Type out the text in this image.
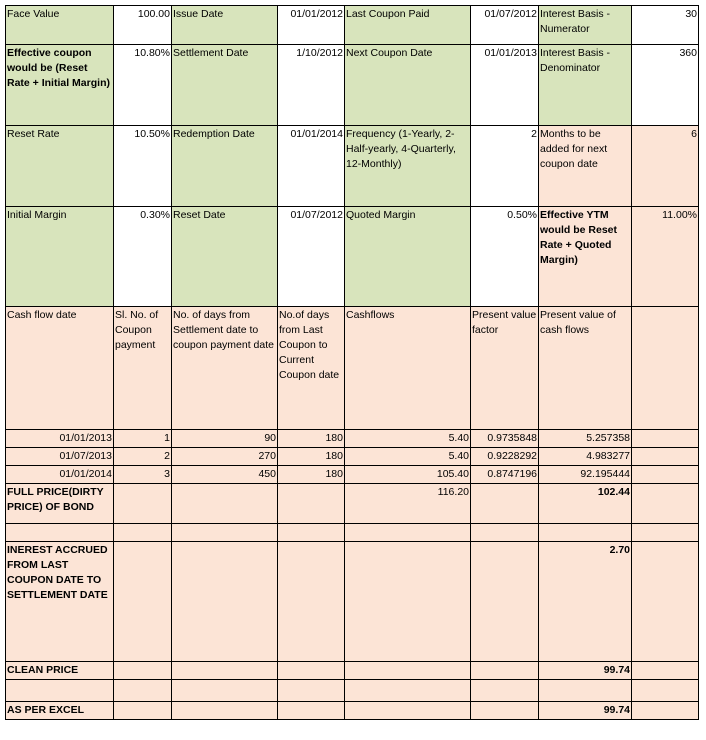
Face Value	100.00	Issue Date	01/01/2012	Last Coupon Paid	01/07/2012	Interest Basis - Numerator	30
Effective coupon would be (Reset Rate + Initial Margin)	10.80%	Settlement Date	1/10/2012	Next Coupon Date	01/01/2013	Interest Basis - Denominator	360
Reset Rate	10.50%	Redemption Date	01/01/2014	Frequency (1-Yearly, 2-Half-yearly, 4-Quarterly, 12-Monthly)	2	Months to be added for next coupon date	6
Initial Margin	0.30%	Reset Date	01/07/2012	Quoted Margin	0.50%	Effective YTM would be Reset Rate + Quoted Margin)	11.00%
Cash flow date	Sl. No. of Coupon payment	No. of days from Settlement date to coupon payment date	No.of days from Last Coupon to Current Coupon date	Cashflows	Present value factor	Present value of cash flows	
01/01/2013	1	90	180	5.40	0.9735848	5.257358	
01/07/2013	2	270	180	5.40	0.9228292	4.983277	
01/01/2014	3	450	180	105.40	0.8747196	92.195444	
FULL PRICE(DIRTY PRICE) OF BOND				116.20		102.44	

INEREST ACCRUED FROM LAST COUPON DATE TO SETTLEMENT DATE						2.70	
CLEAN PRICE						99.74	

AS PER EXCEL						99.74	
